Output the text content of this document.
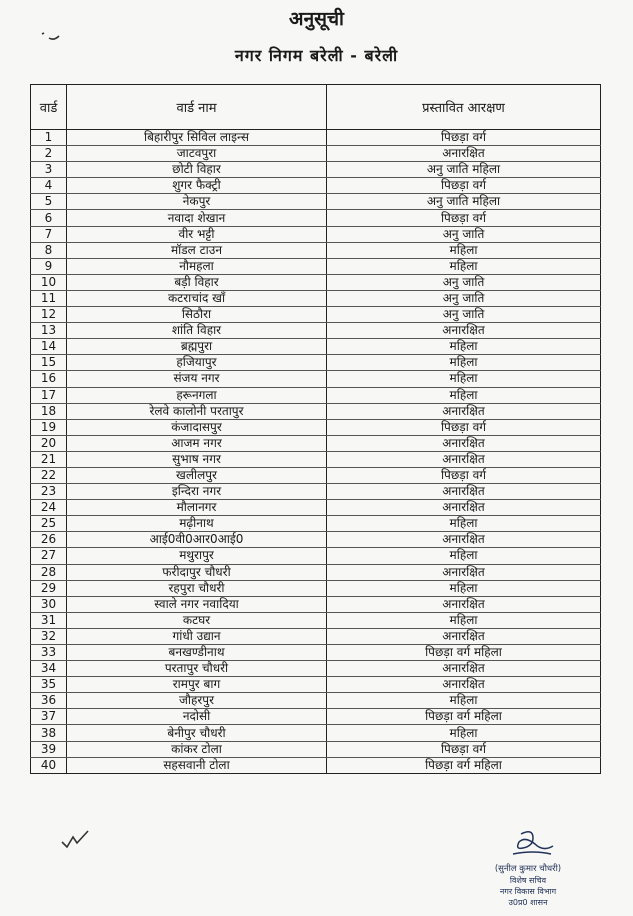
अनुसूची
नगर निगम बरेली - बरेली
वार्ड	वार्ड नाम	प्रस्तावित आरक्षण
1	बिहारीपुर सिविल लाइन्स	पिछड़ा वर्ग
2	जाटवपुरा	अनारक्षित
3	छोटी विहार	अनु जाति महिला
4	शुगर फैक्ट्री	पिछड़ा वर्ग
5	नेकपुर	अनु जाति महिला
6	नवादा शेखान	पिछड़ा वर्ग
7	वीर भट्टी	अनु जाति
8	मॉडल टाउन	महिला
9	नौमहला	महिला
10	बड़ी विहार	अनु जाति
11	कटराचांद खाँ	अनु जाति
12	सिठौरा	अनु जाति
13	शांति विहार	अनारक्षित
14	ब्रह्मपुरा	महिला
15	हजियापुर	महिला
16	संजय नगर	महिला
17	हरूनगला	महिला
18	रेलवे कालोनी परतापुर	अनारक्षित
19	कंजादासपुर	पिछड़ा वर्ग
20	आजम नगर	अनारक्षित
21	सुभाष नगर	अनारक्षित
22	खलीलपुर	पिछड़ा वर्ग
23	इन्दिरा नगर	अनारक्षित
24	मौलानगर	अनारक्षित
25	मढ़ीनाथ	महिला
26	आई0वी0आर0आई0	अनारक्षित
27	मथुरापुर	महिला
28	फरीदापुर चौधरी	अनारक्षित
29	रहपुरा चौधरी	महिला
30	स्वाले नगर नवादिया	अनारक्षित
31	कटघर	महिला
32	गांधी उद्यान	अनारक्षित
33	बनखण्डीनाथ	पिछड़ा वर्ग महिला
34	परतापुर चौधरी	अनारक्षित
35	रामपुर बाग	अनारक्षित
36	जौहरपुर	महिला
37	नदोसी	पिछड़ा वर्ग महिला
38	बेनीपुर चौधरी	महिला
39	कांकर टोला	पिछड़ा वर्ग
40	सहसवानी टोला	पिछड़ा वर्ग महिला
(सुनील कुमार चौधरी)
विशेष सचिव
नगर विकास विभाग
उ0प्र0 शासन
